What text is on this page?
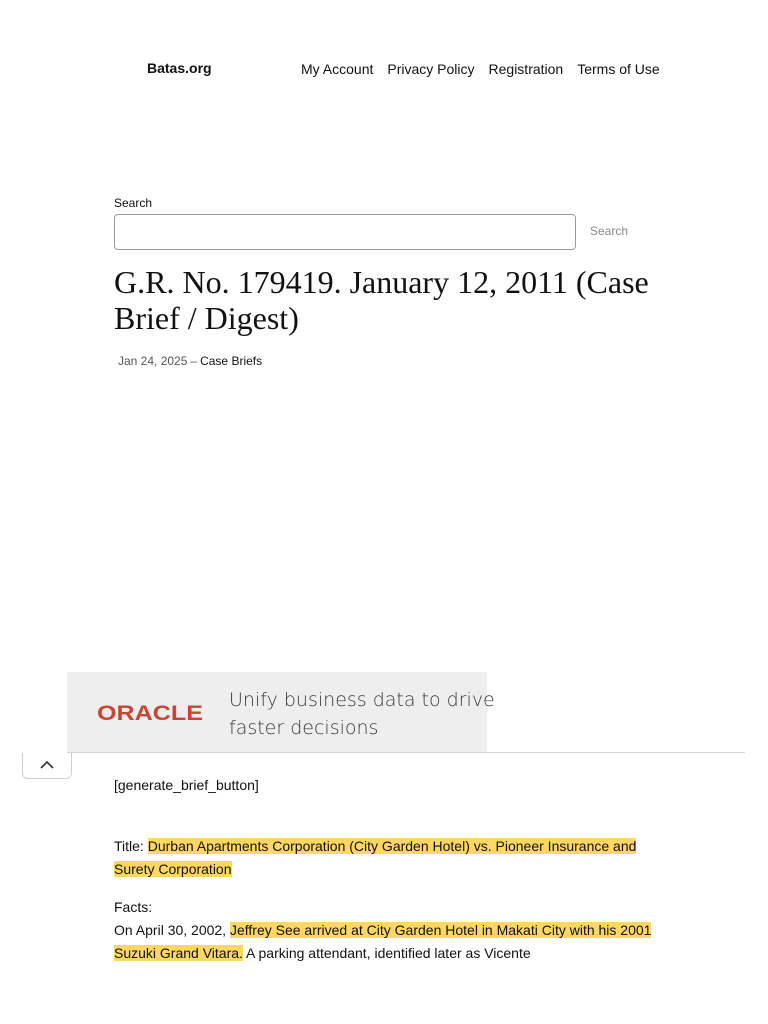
Batas.org	My Account Privacy Policy Registration Terms of Use
Search
Search
G.R. No. 179419. January 12, 2011 (Case Brief / Digest)
Jan 24, 2025 – Case Briefs
ORACLE
Unify business data to drive
faster decisions

[generate_brief_button]

Title: Durban Apartments Corporation (City Garden Hotel) vs. Pioneer Insurance and Surety Corporation

Facts:

On April 30, 2002, Jeffrey See arrived at City Garden Hotel in Makati City with his 2001 Suzuki Grand Vitara. A parking attendant, identified later as Vicente
